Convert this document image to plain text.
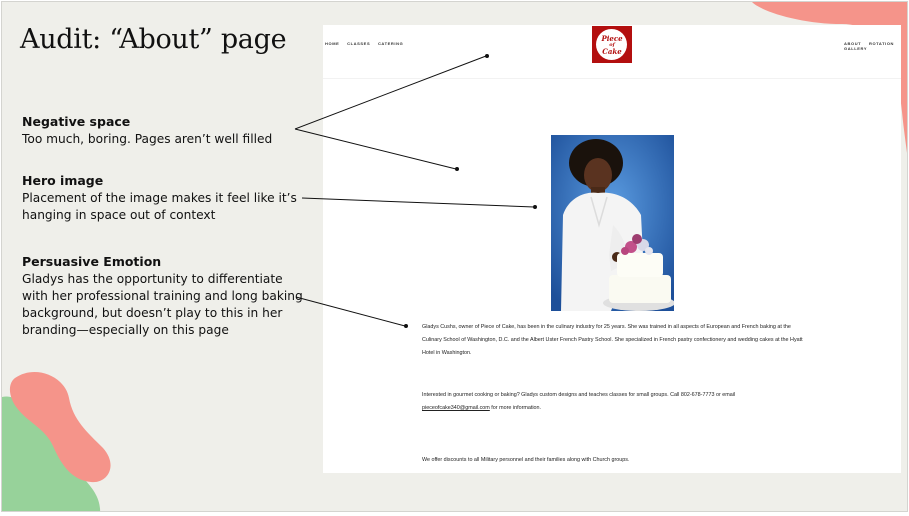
Audit: “About” page
Negative space

Too much, boring. Pages aren’t well filled

Hero image

Placement of the image makes it feel like it’s hanging in space out of context

Persuasive Emotion

Gladys has the opportunity to differentiate with her professional training and long baking background, but doesn’t play to this in her branding—especially on this page

HOME CLASSES CATERING
Piece
of
Cake
ABOUT ROTATION GALLERY
Gladys Cushs, owner of Piece of Cake, has been in the culinary industry for 25 years. She was trained in all aspects of European and French baking at the Culinary School of Washington, D.C. and the Albert Uster French Pastry School. She specialized in French pastry confectionery and wedding cakes at the Hyatt Hotel in Washington.
Interested in gourmet cooking or baking? Gladys custom designs and teaches classes for small groups. Call 802-678-7773 or email
pieceofcake340@gmail.com for more information.
We offer discounts to all Military personnel and their families along with Church groups.
